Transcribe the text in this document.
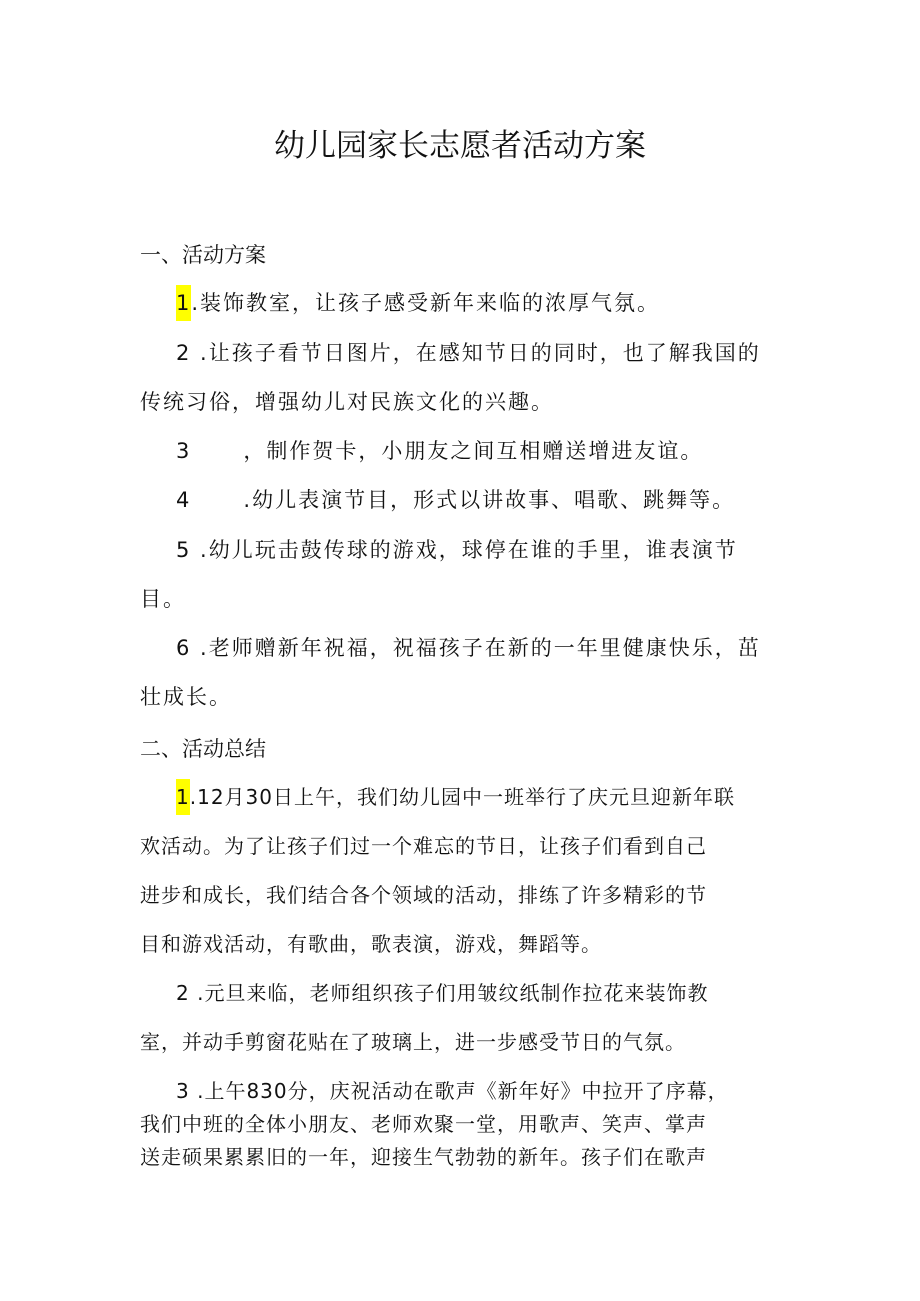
幼儿园家长志愿者活动方案
一、活动方案
1.装饰教室，让孩子感受新年来临的浓厚气氛。
2 .让孩子看节日图片，在感知节日的同时，也了解我国的
传统习俗，增强幼儿对民族文化的兴趣。
3      ，制作贺卡，小朋友之间互相赠送增进友谊。
4      .幼儿表演节目，形式以讲故事、唱歌、跳舞等。
5 .幼儿玩击鼓传球的游戏，球停在谁的手里，谁表演节
目。
6 .老师赠新年祝福，祝福孩子在新的一年里健康快乐，茁
壮成长。
二、活动总结
1.12月30日上午，我们幼儿园中一班举行了庆元旦迎新年联
欢活动。为了让孩子们过一个难忘的节日，让孩子们看到自己
进步和成长，我们结合各个领域的活动，排练了许多精彩的节
目和游戏活动，有歌曲，歌表演，游戏，舞蹈等。
2 .元旦来临，老师组织孩子们用皱纹纸制作拉花来装饰教
室，并动手剪窗花贴在了玻璃上，进一步感受节日的气氛。
3 .上午830分，庆祝活动在歌声《新年好》中拉开了序幕，
我们中班的全体小朋友、老师欢聚一堂，用歌声、笑声、掌声
送走硕果累累旧的一年，迎接生气勃勃的新年。孩子们在歌声
